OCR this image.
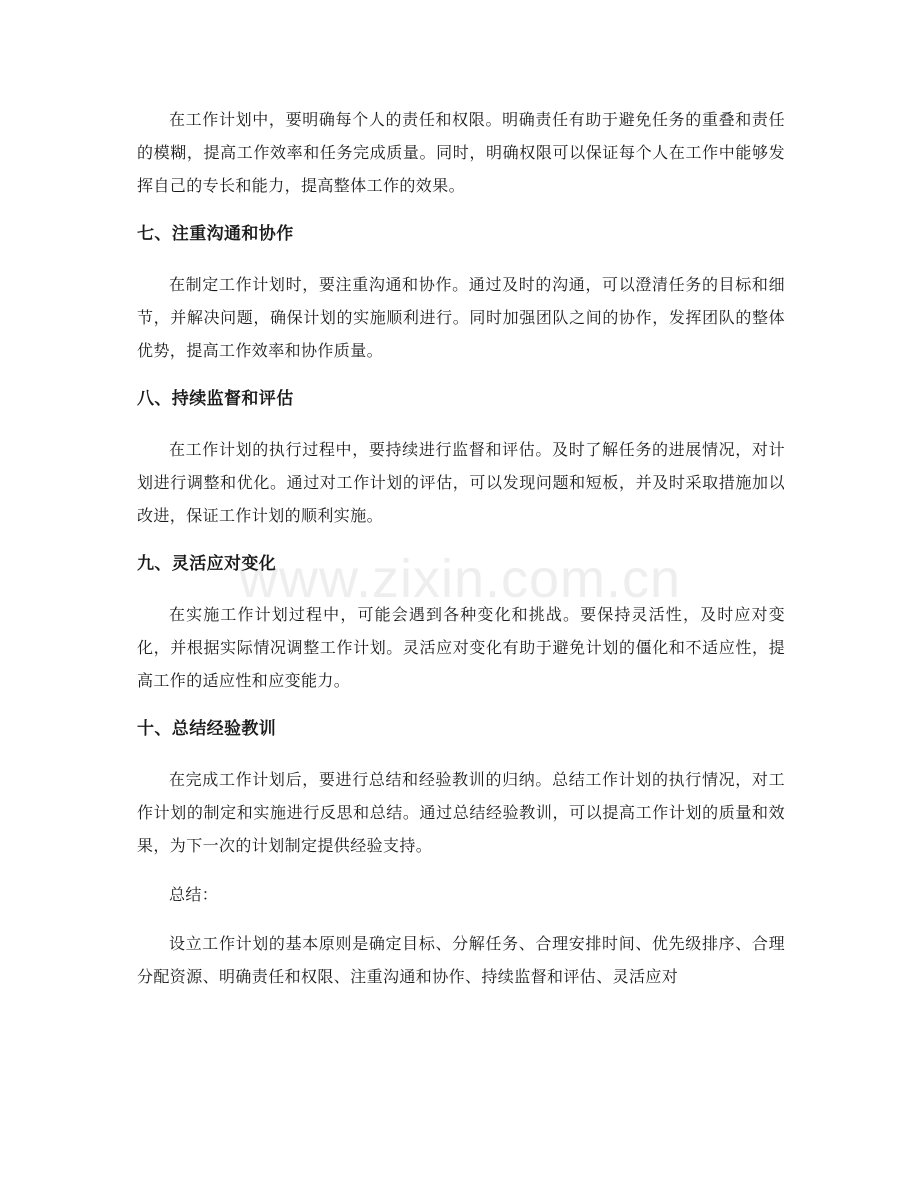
在工作计划中，要明确每个人的责任和权限。明确责任有助于避免任务的重叠和责任的模糊，提高工作效率和任务完成质量。同时，明确权限可以保证每个人在工作中能够发挥自己的专长和能力，提高整体工作的效果。

七、注重沟通和协作

在制定工作计划时，要注重沟通和协作。通过及时的沟通，可以澄清任务的目标和细节，并解决问题，确保计划的实施顺利进行。同时加强团队之间的协作，发挥团队的整体优势，提高工作效率和协作质量。

八、持续监督和评估

在工作计划的执行过程中，要持续进行监督和评估。及时了解任务的进展情况，对计划进行调整和优化。通过对工作计划的评估，可以发现问题和短板，并及时采取措施加以改进，保证工作计划的顺利实施。

九、灵活应对变化

在实施工作计划过程中，可能会遇到各种变化和挑战。要保持灵活性，及时应对变化，并根据实际情况调整工作计划。灵活应对变化有助于避免计划的僵化和不适应性，提高工作的适应性和应变能力。

十、总结经验教训

在完成工作计划后，要进行总结和经验教训的归纳。总结工作计划的执行情况，对工作计划的制定和实施进行反思和总结。通过总结经验教训，可以提高工作计划的质量和效果，为下一次的计划制定提供经验支持。

总结：

设立工作计划的基本原则是确定目标、分解任务、合理安排时间、优先级排序、合理分配资源、明确责任和权限、注重沟通和协作、持续监督和评估、灵活应对

www.zixin.com.cn
